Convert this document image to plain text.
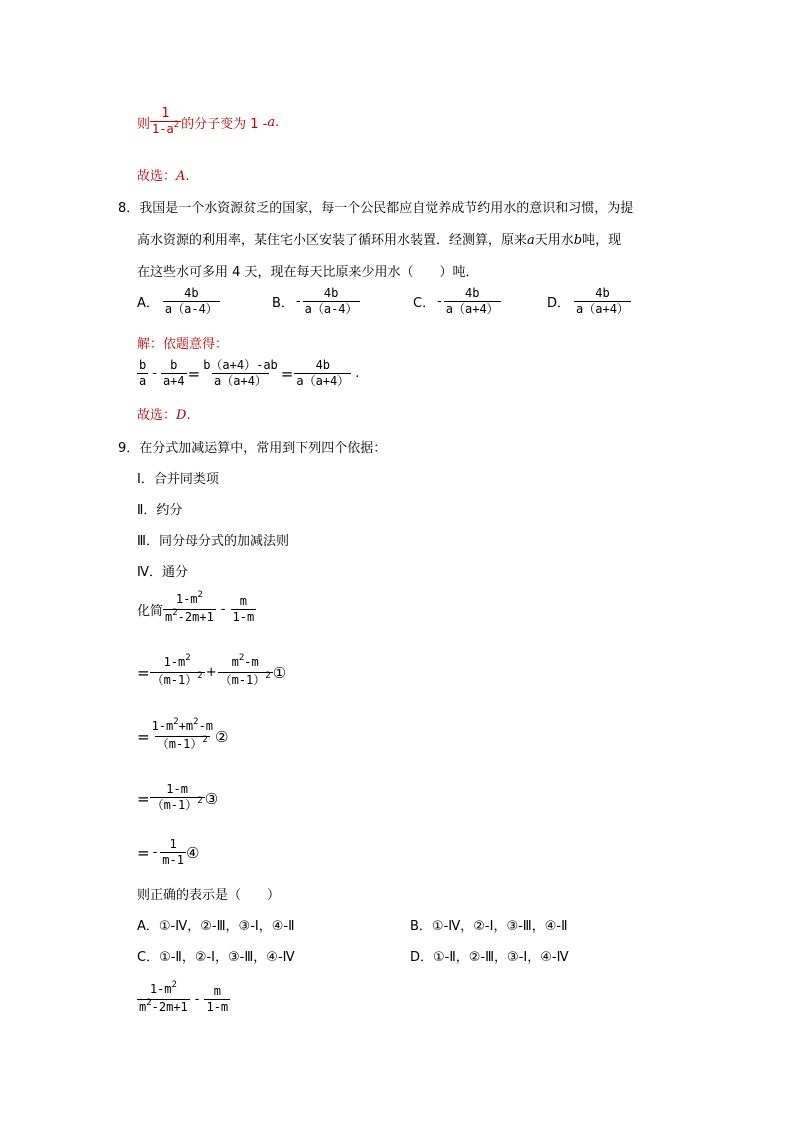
则
1
$1-a^2$ 的分子变为 1 - a .
故选：A.
8．我国是一个水资源贫乏的国家，每一个公民都应自觉养成节约用水的意识和习惯，为提
高水资源的利用率，某住宅小区安装了循环用水装置．经测算，原来a天用水b吨，现
在这些水可多用 4 天，现在每天比原来少用水（　　）吨．
A． $\frac{4b}{a(a-4)}$	B． - $\frac{4b}{a(a-4)}$	C． - $\frac{4b}{a(a+4)}$	D． $\frac{4b}{a(a+4)}$
解：依题意得：
$\frac{b}{a} - \frac{b}{a+4} = \frac{b(a+4)-ab}{a(a+4)} = \frac{4b}{a(a+4)}$ .
故选：D.
9．在分式加减运算中，常用到下列四个依据：
Ⅰ．合并同类项
Ⅱ．约分
Ⅲ．同分母分式的加减法则
Ⅳ．通分
化简
$1-m^2$
$m^2-2m+1 - \frac{m}{1-m}$
= $\frac{1-m^2}{(m-1)^2} + \frac{m^2-m}{(m-1)^2}$ ①
= $\frac{1-m^2+m^2-m}{(m-1)^2}$ ②
= $\frac{1-m}{(m-1)^2}$ ③
= - $\frac{1}{m-1}$ ④
则正确的表示是（　　）
A．①-Ⅳ，②-Ⅲ，③-Ⅰ，④-Ⅱ	B．①-Ⅳ，②-Ⅰ，③-Ⅲ，④-Ⅱ
C．①-Ⅱ，②-Ⅰ，③-Ⅲ，④-Ⅳ	D．①-Ⅱ，②-Ⅲ，③-Ⅰ，④-Ⅳ
$1-m^2$
$m^2-2m+1 - \frac{m}{1-m}$
